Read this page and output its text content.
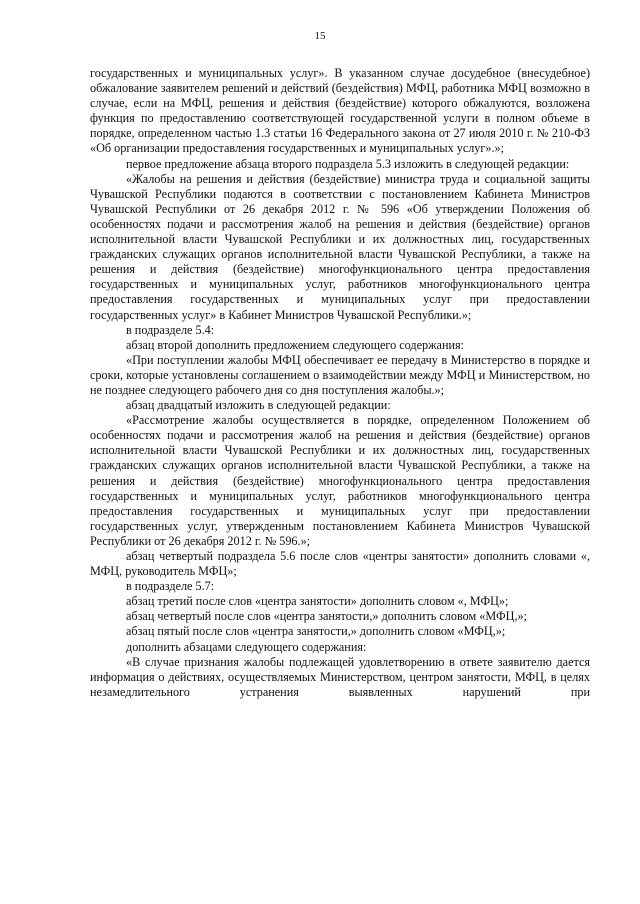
15

государственных и муниципальных услуг». В указанном случае досудебное (внесудебное) обжалование заявителем решений и действий (бездействия) МФЦ, работника МФЦ возможно в случае, если на МФЦ, решения и действия (бездействие) которого обжалуются, возложена функция по предоставлению соответствующей государственной услуги в полном объеме в порядке, определенном частью 1.3 статьи 16 Федерального закона от 27 июля 2010 г. № 210-ФЗ «Об организации предоставления государственных и муниципальных услуг».»;

первое предложение абзаца второго подраздела 5.3 изложить в следующей редакции:

«Жалобы на решения и действия (бездействие) министра труда и социальной защиты Чувашской Республики подаются в соответствии с постановлением Кабинета Министров Чувашской Республики от 26 декабря 2012 г. № 596 «Об утверждении Положения об особенностях подачи и рассмотрения жалоб на решения и действия (бездействие) органов исполнительной власти Чувашской Республики и их должностных лиц, государственных гражданских служащих органов исполнительной власти Чувашской Республики, а также на решения и действия (бездействие) многофункционального центра предоставления государственных и муниципальных услуг, работников многофункционального центра предоставления государственных и муниципальных услуг при предоставлении государственных услуг» в Кабинет Министров Чувашской Республики.»;

в подразделе 5.4:

абзац второй дополнить предложением следующего содержания:

«При поступлении жалобы МФЦ обеспечивает ее передачу в Министерство в порядке и сроки, которые установлены соглашением о взаимодействии между МФЦ и Министерством, но не позднее следующего рабочего дня со дня поступления жалобы.»;

абзац двадцатый изложить в следующей редакции:

«Рассмотрение жалобы осуществляется в порядке, определенном Положением об особенностях подачи и рассмотрения жалоб на решения и действия (бездействие) органов исполнительной власти Чувашской Республики и их должностных лиц, государственных гражданских служащих органов исполнительной власти Чувашской Республики, а также на решения и действия (бездействие) многофункционального центра предоставления государственных и муниципальных услуг, работников многофункционального центра предоставления государственных и муниципальных услуг при предоставлении государственных услуг, утвержденным постановлением Кабинета Министров Чувашской Республики от 26 декабря 2012 г. № 596.»;

абзац четвертый подраздела 5.6 после слов «центры занятости» дополнить словами «, МФЦ, руководитель МФЦ»;

в подразделе 5.7:

абзац третий после слов «центра занятости» дополнить словом «, МФЦ»;

абзац четвертый после слов «центра занятости,» дополнить словом «МФЦ,»;

абзац пятый после слов «центра занятости,» дополнить словом «МФЦ,»;

дополнить абзацами следующего содержания:

«В случае признания жалобы подлежащей удовлетворению в ответе заявителю дается информация о действиях, осуществляемых Министерством, центром занятости, МФЦ, в целях незамедлительного устранения выявленных нарушений при
